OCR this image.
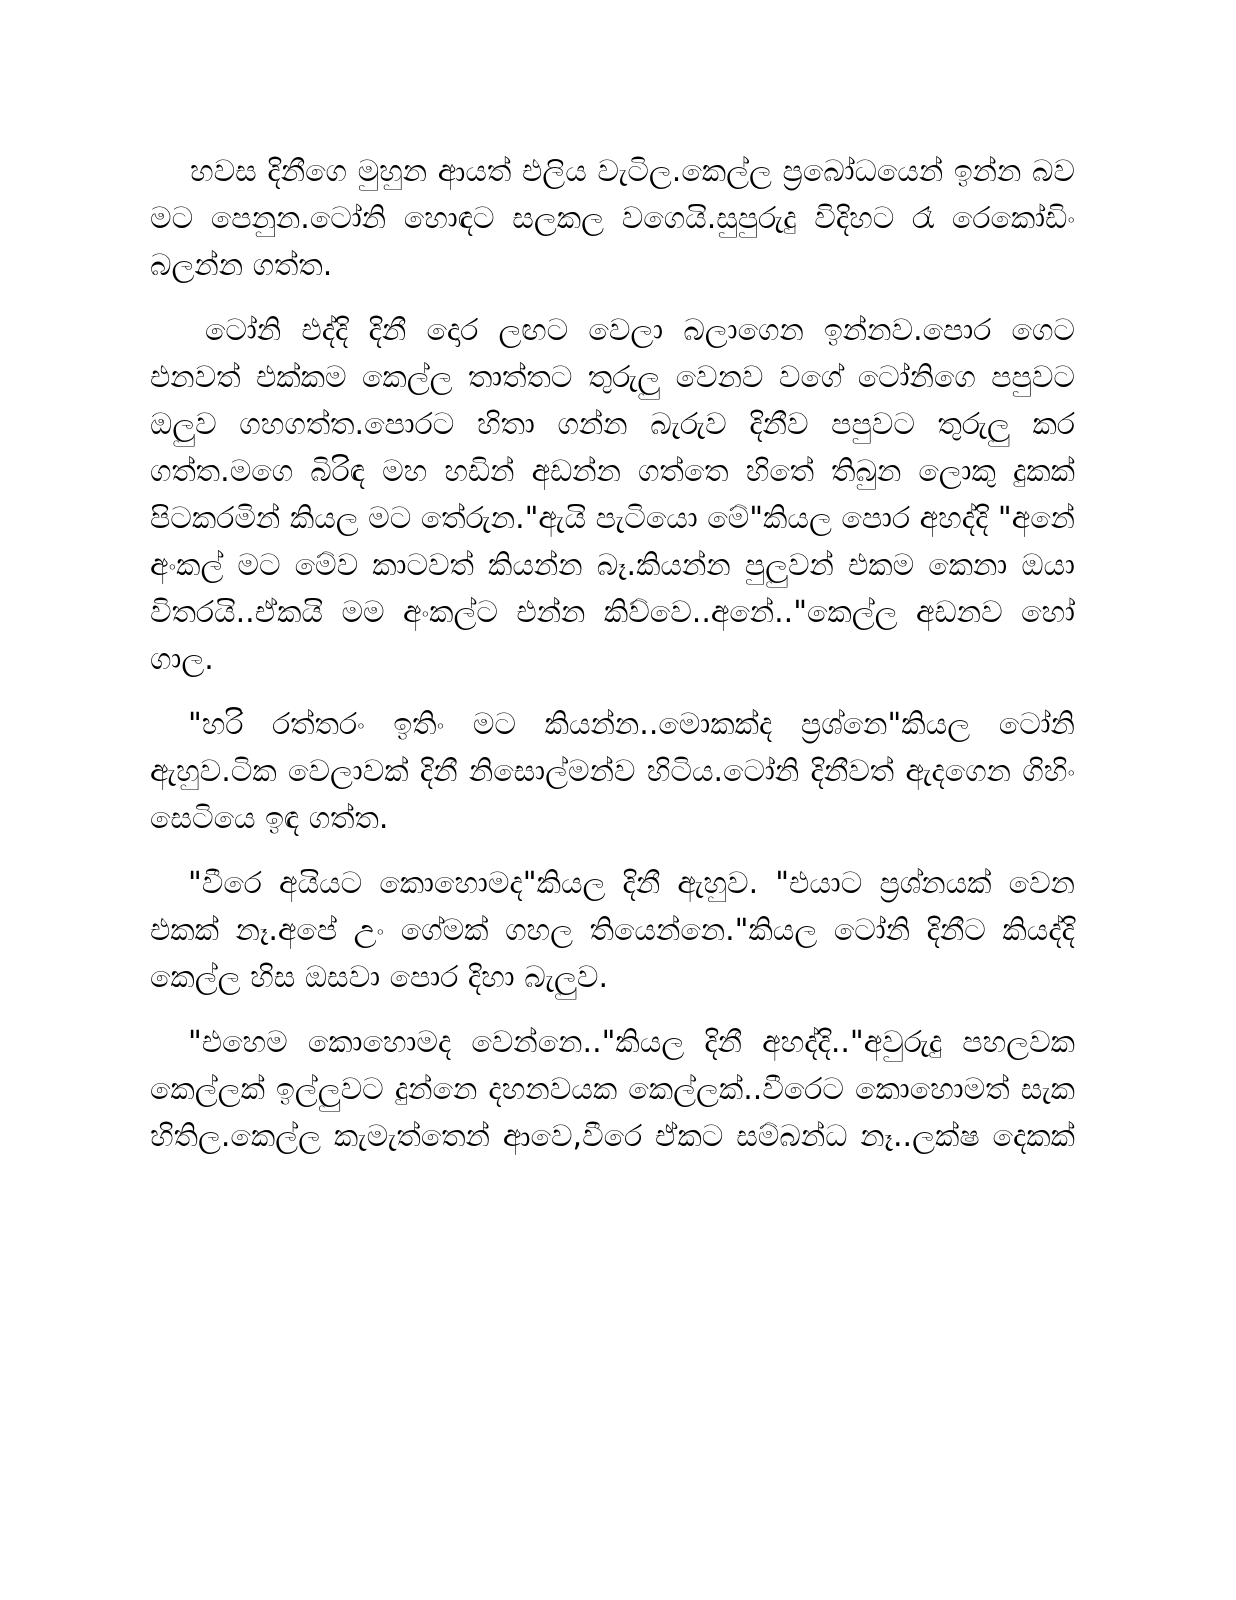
හවස දිනීගෙ මුහුන ආයත් එලිය වැටිල.කෙල්ල ප්‍රබෝධයෙන් ඉන්න බව මට පෙනුන.ටෝනි හොඳට සලකල වගෙයි.සුපුරුදු විදිහට රෑ රෙකෝඩිං බලන්න ගත්ත.

ටෝනි එද්දි දිනී දොර ලඟට වෙලා බලාගෙන ඉන්නව.පොර ගෙට එනවත් එක්කම කෙල්ල තාත්තට තුරුලු වෙනව වගේ ටෝනිගෙ පපුවට ඔලුව ගහගත්ත.පොරට හිතා ගන්න බැරුව දිනීව පපුවට තුරුලු කර ගත්ත.මගෙ බිරිඳ මහ හඩින් අඩන්න ගත්තෙ හිතේ තිබුන ලොකු දුකක් පිටකරමින් කියල මට තේරුන."ඇයි පැටියො මේ"කියල පොර අහද්දි "අනේ අංකල් මට මේව කාටවත් කියන්න බෑ.කියන්න පුලුවන් එකම කෙනා ඔයා විතරයි..ඒකයි මම අංකල්ට එන්න කිව්වෙ..අනේ.."කෙල්ල අඩනව හෝ ගාල.

"හරි රත්තරං ඉතිං මට කියන්න..මොකක්ද ප්‍රශ්නෙ"කියල ටෝනි ඇහුව.ටික වෙලාවක් දිනී නිසොල්මන්ව හිටිය.ටෝනි දිනීවත් ඇදගෙන ගිහිං සෙටියෙ ඉඳ ගත්ත.

"වීරෙ අයියට කොහොමද"කියල දිනී ඇහුව. "එයාට ප්‍රශ්නයක් වෙන එකක් නෑ.අපේ උං ගේමක් ගහල තියෙන්නෙ."කියල ටෝනි දිනීට කියද්දි කෙල්ල හිස ඔසවා පොර දිහා බැලුව.

"එහෙම කොහොමද වෙන්නෙ.."කියල දිනී අහද්දි.."අවුරුදු පහලවක කෙල්ලක් ඉල්ලුවට දුන්නෙ දහනවයක කෙල්ලක්..වීරෙට කොහොමත් සැක හිතිල.කෙල්ල කැමැත්තෙන් ආවෙ,වීරෙ ඒකට සම්බන්ධ නෑ..ලක්ෂ දෙකක්
